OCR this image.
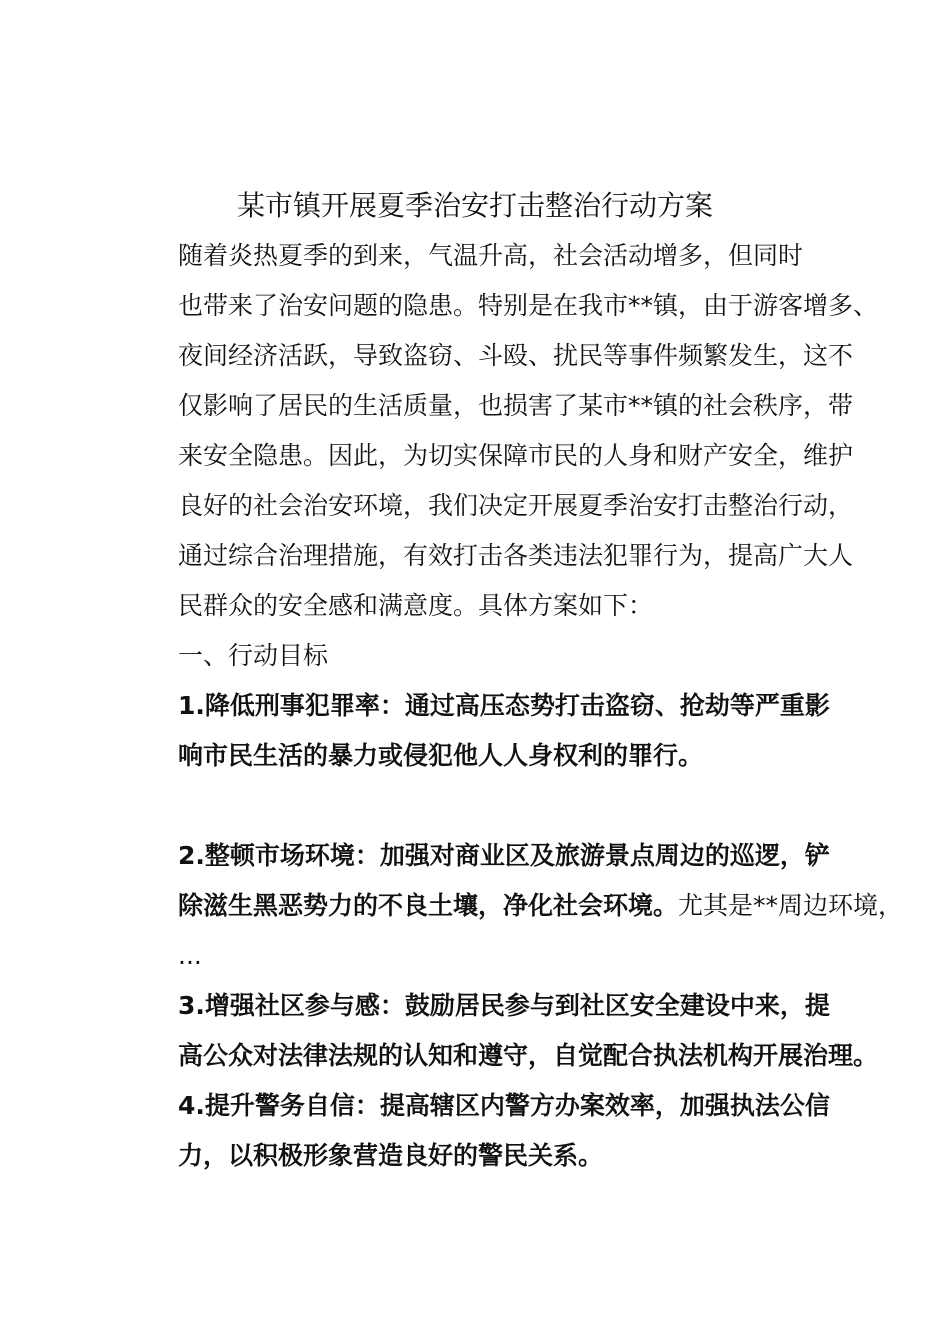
某市镇开展夏季治安打击整治行动方案

随着炎热夏季的到来，气温升高，社会活动增多，但同时
也带来了治安问题的隐患。特别是在我市**镇，由于游客增多、
夜间经济活跃，导致盗窃、斗殴、扰民等事件频繁发生，这不
仅影响了居民的生活质量，也损害了某市**镇的社会秩序，带
来安全隐患。因此，为切实保障市民的人身和财产安全，维护
良好的社会治安环境，我们决定开展夏季治安打击整治行动，
通过综合治理措施，有效打击各类违法犯罪行为，提高广大人
民群众的安全感和满意度。具体方案如下：

一、行动目标

1.降低刑事犯罪率：通过高压态势打击盗窃、抢劫等严重影
响市民生活的暴力或侵犯他人人身权利的罪行。

2.整顿市场环境：加强对商业区及旅游景点周边的巡逻，铲
除滋生黑恶势力的不良土壤，净化社会环境。尤其是**周边环境，
...

3.增强社区参与感：鼓励居民参与到社区安全建设中来，提
高公众对法律法规的认知和遵守，自觉配合执法机构开展治理。

4.提升警务自信：提高辖区内警方办案效率，加强执法公信
力，以积极形象营造良好的警民关系。
